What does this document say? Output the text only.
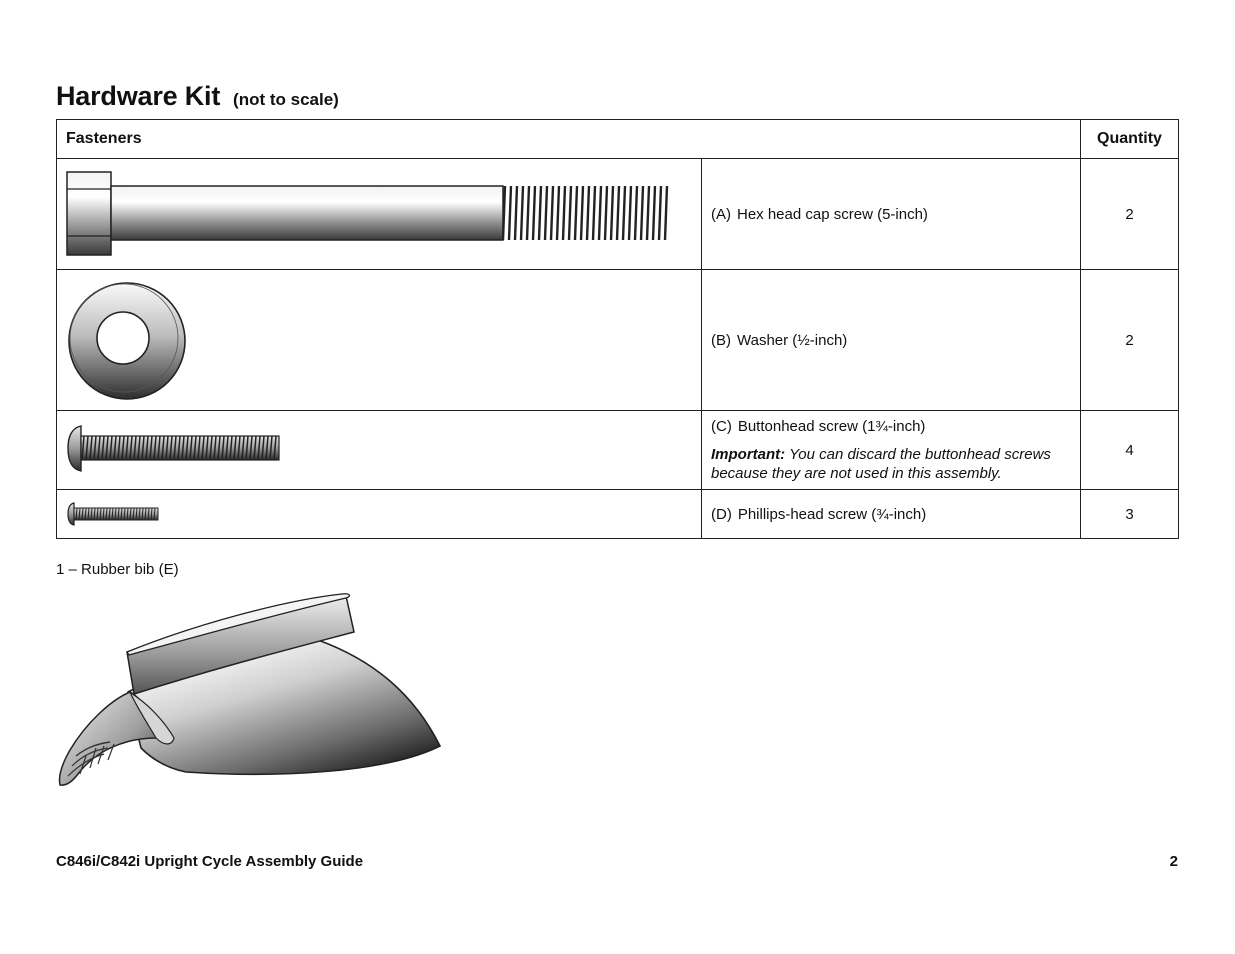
Hardware Kit (not to scale)
Fasteners		Quantity

	(A) Hex head cap screw (5-inch)	2

	(B) Washer (½-inch)	2

(C) Buttonhead screw (1¾-inch)
Important: You can discard the buttonhead screws because they are not used in this assembly.	4

	(D) Phillips-head screw (¾-inch)	3
1 – Rubber bib (E)
C846i/C842i Upright Cycle Assembly Guide	2
